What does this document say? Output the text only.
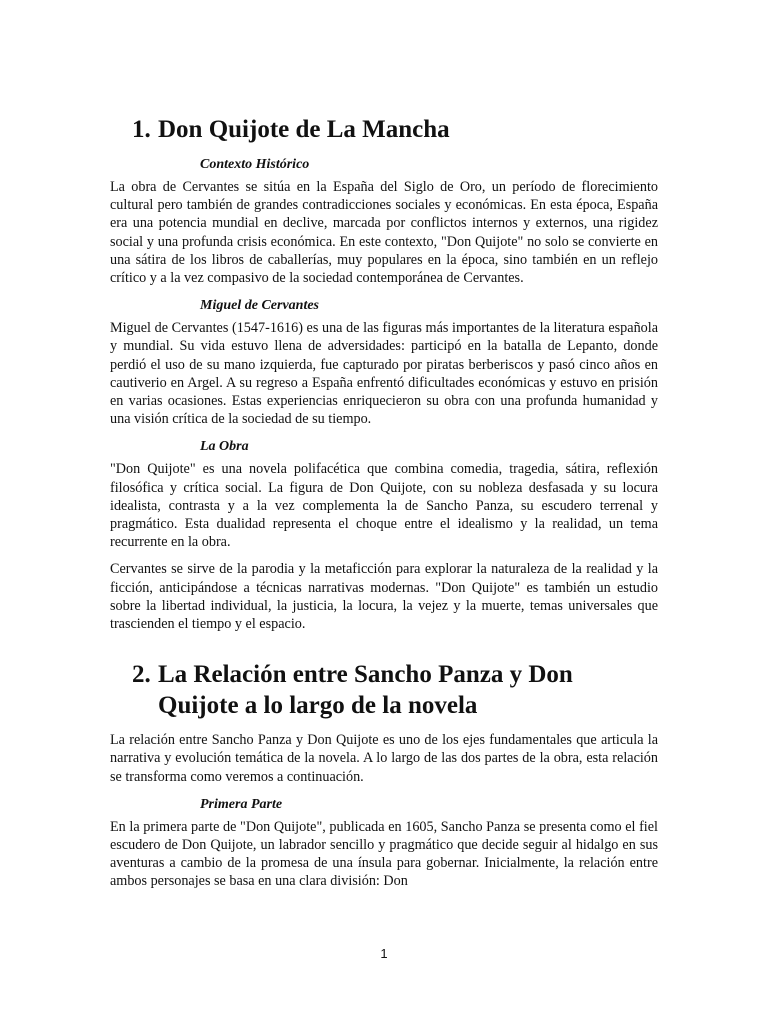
1. Don Quijote de La Mancha
Contexto Histórico

La obra de Cervantes se sitúa en la España del Siglo de Oro, un período de florecimiento cultural pero también de grandes contradicciones sociales y económicas. En esta época, España era una potencia mundial en declive, marcada por conflictos internos y externos, una rigidez social y una profunda crisis económica. En este contexto, "Don Quijote" no solo se convierte en una sátira de los libros de caballerías, muy populares en la época, sino también en un reflejo crítico y a la vez compasivo de la sociedad contemporánea de Cervantes.

Miguel de Cervantes

Miguel de Cervantes (1547-1616) es una de las figuras más importantes de la literatura española y mundial. Su vida estuvo llena de adversidades: participó en la batalla de Lepanto, donde perdió el uso de su mano izquierda, fue capturado por piratas berberiscos y pasó cinco años en cautiverio en Argel. A su regreso a España enfrentó dificultades económicas y estuvo en prisión en varias ocasiones. Estas experiencias enriquecieron su obra con una profunda humanidad y una visión crítica de la sociedad de su tiempo.

La Obra

"Don Quijote" es una novela polifacética que combina comedia, tragedia, sátira, reflexión filosófica y crítica social. La figura de Don Quijote, con su nobleza desfasada y su locura idealista, contrasta y a la vez complementa la de Sancho Panza, su escudero terrenal y pragmático. Esta dualidad representa el choque entre el idealismo y la realidad, un tema recurrente en la obra.

Cervantes se sirve de la parodia y la metaficción para explorar la naturaleza de la realidad y la ficción, anticipándose a técnicas narrativas modernas. "Don Quijote" es también un estudio sobre la libertad individual, la justicia, la locura, la vejez y la muerte, temas universales que trascienden el tiempo y el espacio.

2. La Relación entre Sancho Panza y Don Quijote a lo largo de la novela

La relación entre Sancho Panza y Don Quijote es uno de los ejes fundamentales que articula la narrativa y evolución temática de la novela. A lo largo de las dos partes de la obra, esta relación se transforma como veremos a continuación.

Primera Parte

En la primera parte de "Don Quijote", publicada en 1605, Sancho Panza se presenta como el fiel escudero de Don Quijote, un labrador sencillo y pragmático que decide seguir al hidalgo en sus aventuras a cambio de la promesa de una ínsula para gobernar. Inicialmente, la relación entre ambos personajes se basa en una clara división: Don

1
